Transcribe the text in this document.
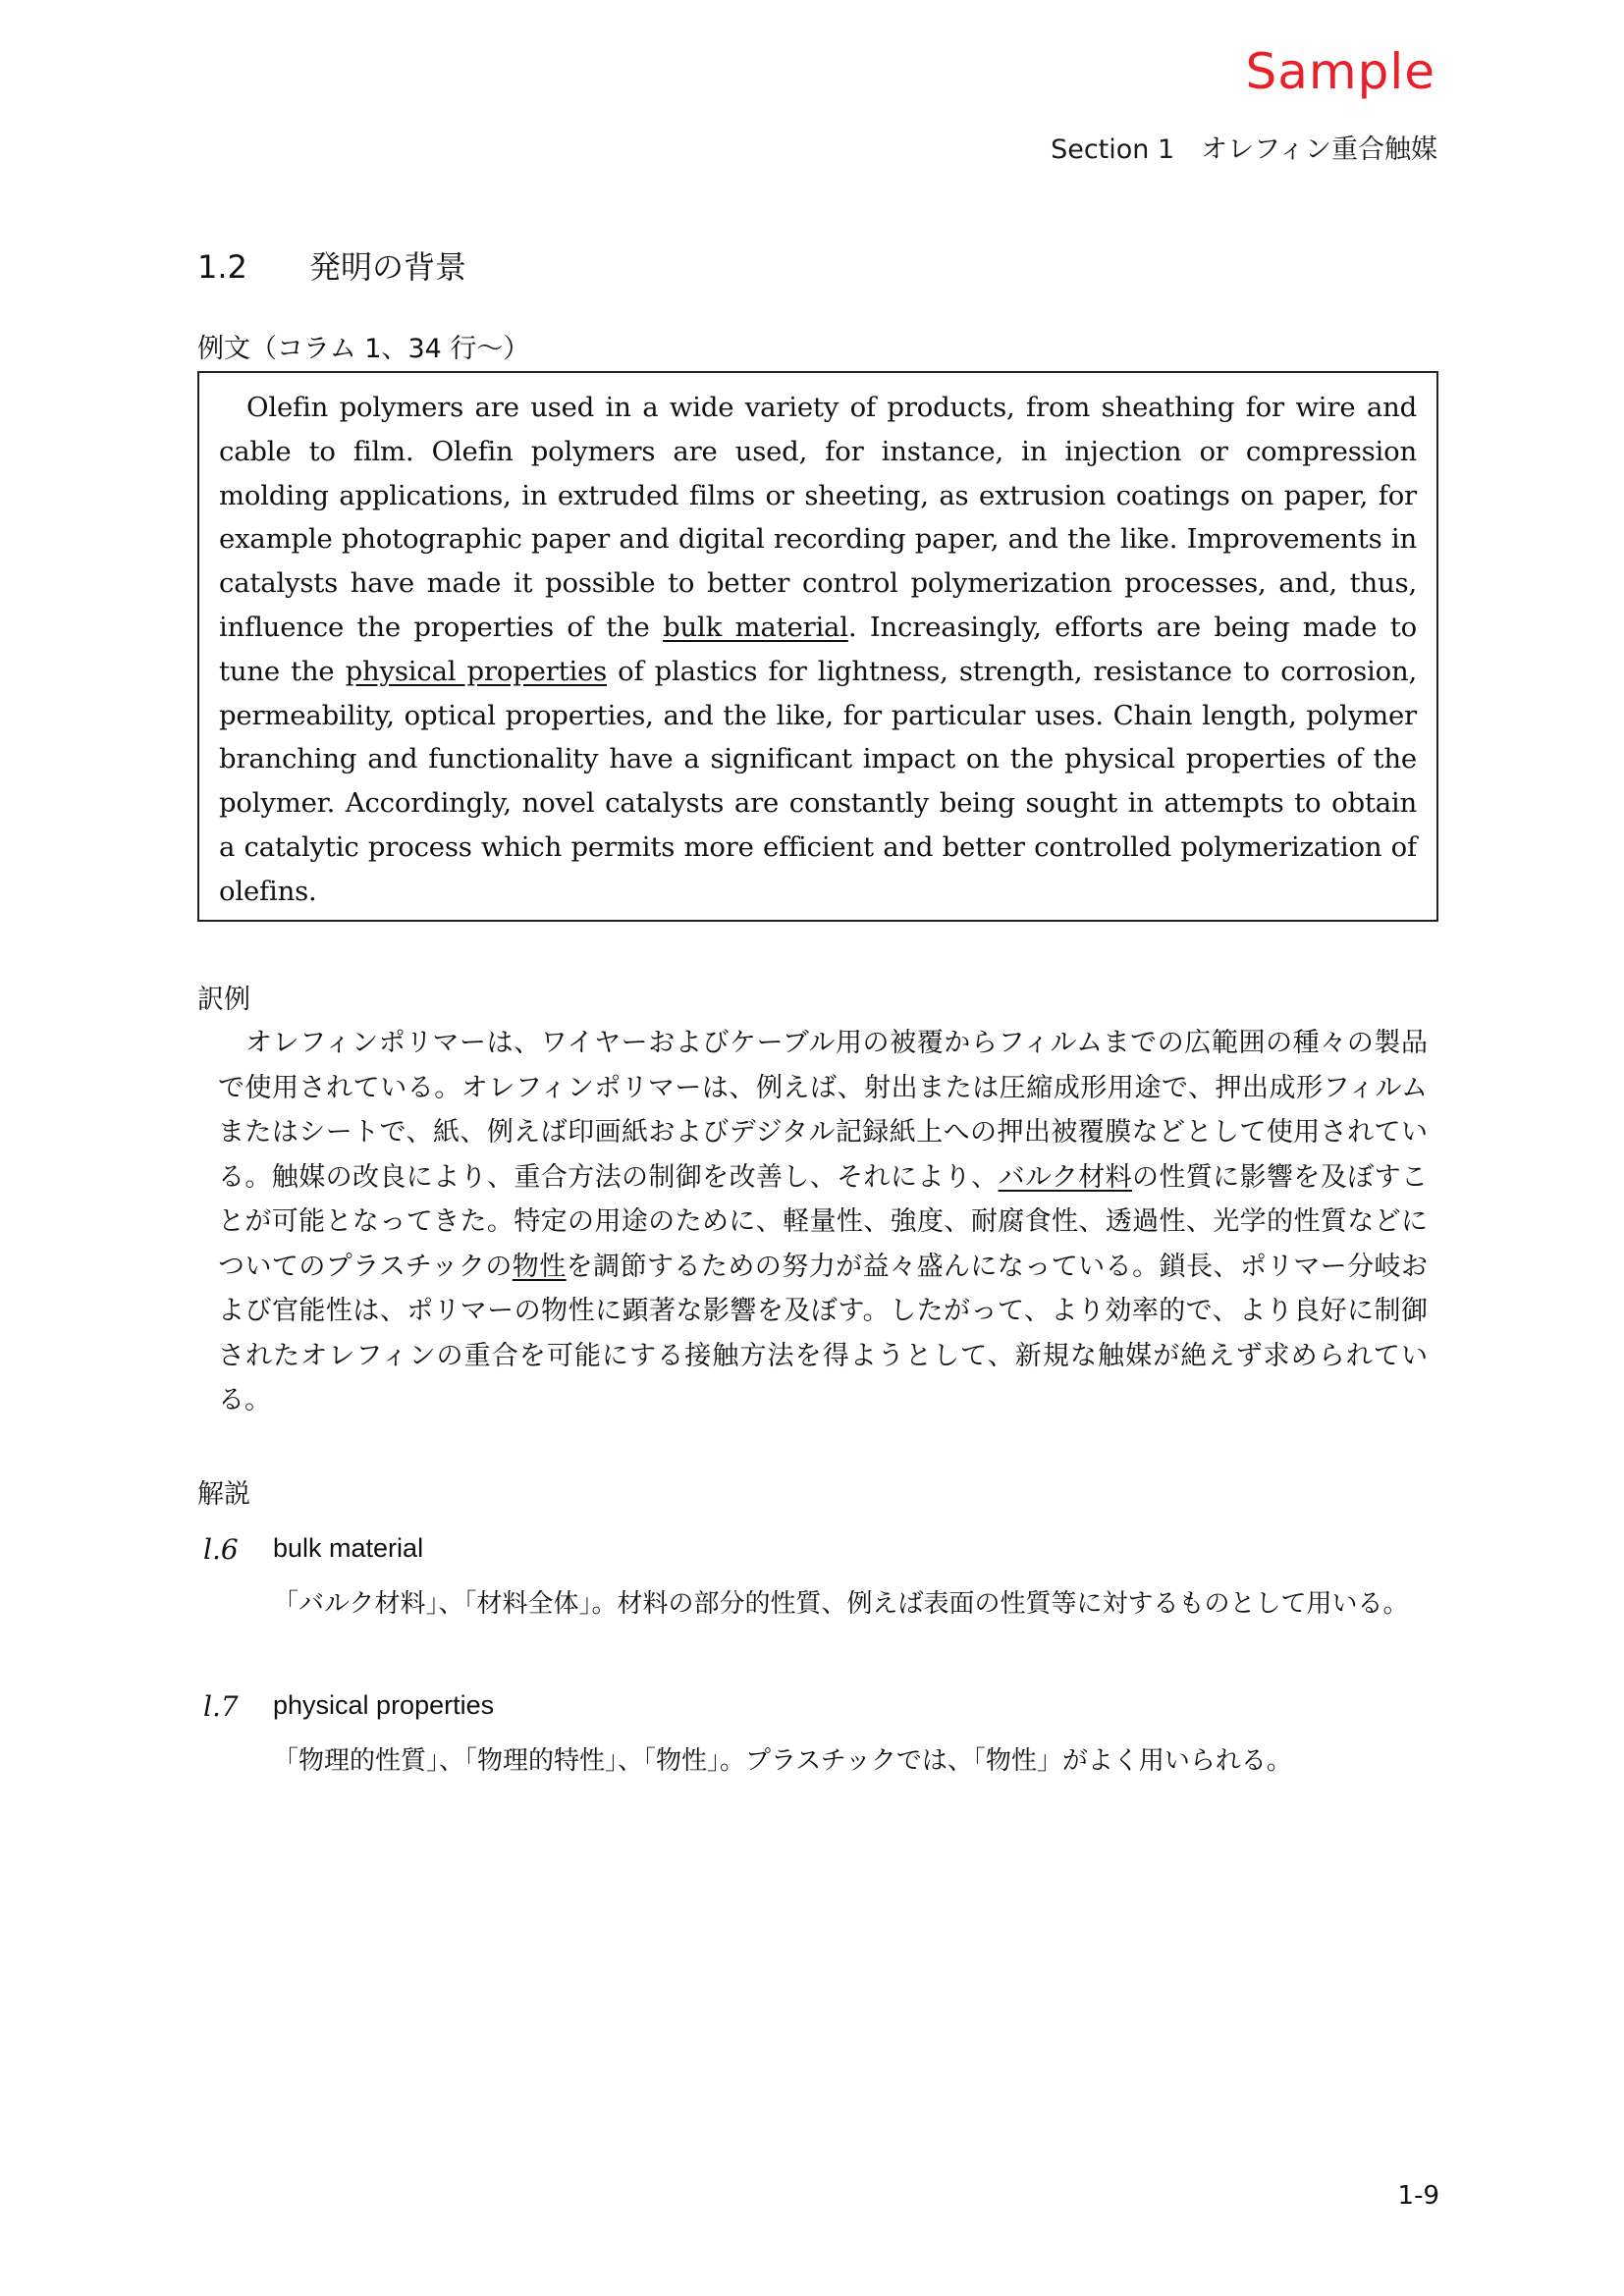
Sample
Section 1　オレフィン重合触媒
1.2 発明の背景
例文（コラム 1、34 行〜）

Olefin polymers are used in a wide variety of products, from sheathing for wire and cable to film. Olefin polymers are used, for instance, in injection or compression molding applications, in extruded films or sheeting, as extrusion coatings on paper, for example photographic paper and digital recording paper, and the like. Improvements in catalysts have made it possible to better control polymerization processes, and, thus, influence the properties of the bulk material. Increasingly, efforts are being made to tune the physical properties of plastics for lightness, strength, resistance to corrosion, permeability, optical properties, and the like, for particular uses. Chain length, polymer branching and functionality have a significant impact on the physical properties of the polymer. Accordingly, novel catalysts are constantly being sought in attempts to obtain a catalytic process which permits more efficient and better controlled polymerization of olefins.

訳例

オレフィンポリマーは、ワイヤーおよびケーブル用の被覆からフィルムまでの広範囲の種々の製品で使用されている。オレフィンポリマーは、例えば、射出または圧縮成形用途で、押出成形フィルムまたはシートで、紙、例えば印画紙およびデジタル記録紙上への押出被覆膜などとして使用されている。触媒の改良により、重合方法の制御を改善し、それにより、バルク材料の性質に影響を及ぼすことが可能となってきた。特定の用途のために、軽量性、強度、耐腐食性、透過性、光学的性質などについてのプラスチックの物性を調節するための努力が益々盛んになっている。鎖長、ポリマー分岐および官能性は、ポリマーの物性に顕著な影響を及ぼす。したがって、より効率的で、より良好に制御されたオレフィンの重合を可能にする接触方法を得ようとして、新規な触媒が絶えず求められている。

解説
l.6 bulk material
「バルク材料」、「材料全体」。材料の部分的性質、例えば表面の性質等に対するものとして用いる。
l.7 physical properties
「物理的性質」、「物理的特性」、「物性」。プラスチックでは、「物性」がよく用いられる。
1-9
